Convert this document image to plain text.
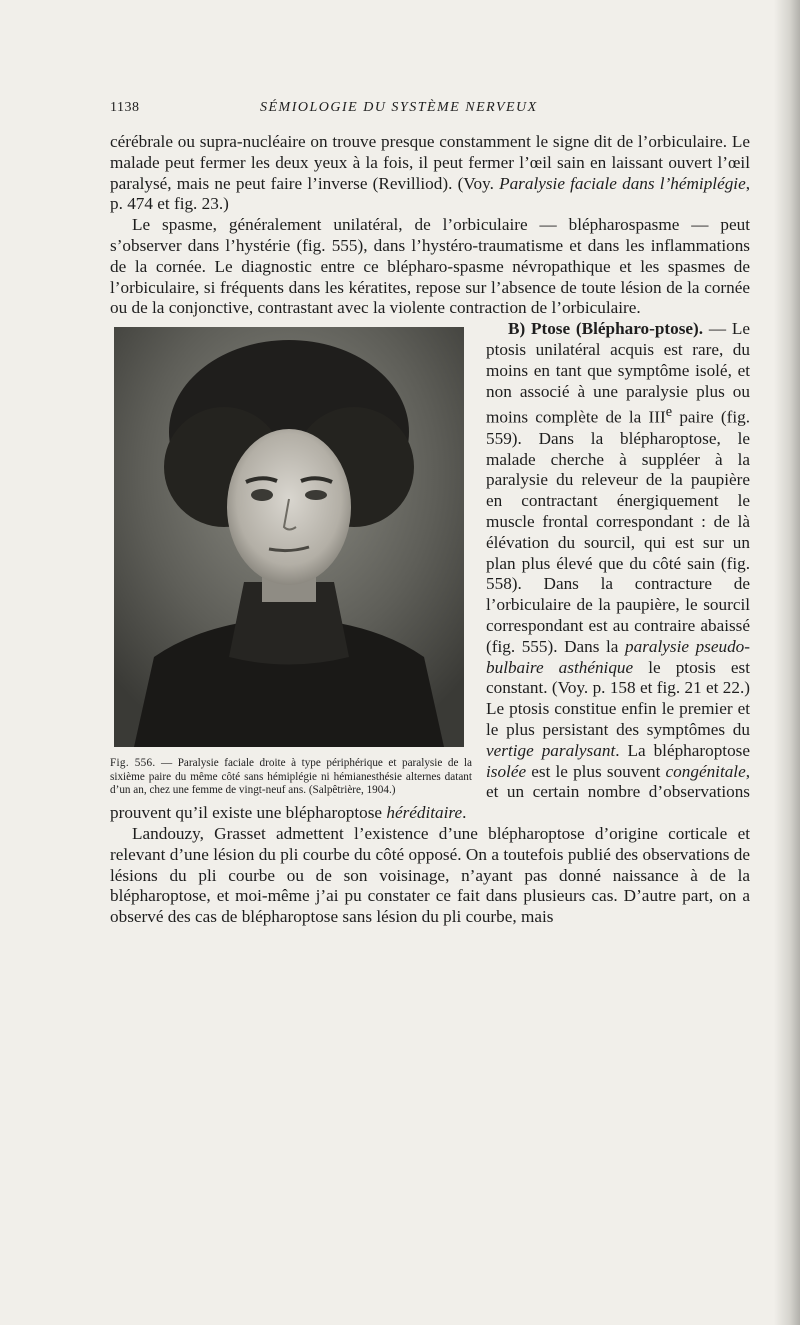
1138	SÉMIOLOGIE DU SYSTÈME NERVEUX

cérébrale ou supra-nucléaire on trouve presque constamment le signe dit de l’orbiculaire. Le malade peut fermer les deux yeux à la fois, il peut fermer l’œil sain en laissant ouvert l’œil paralysé, mais ne peut faire l’inverse (Revilliod). (Voy. Paralysie faciale dans l’hémiplégie, p. 474 et fig. 23.)

Le spasme, généralement unilatéral, de l’orbiculaire — blépharospasme — peut s’observer dans l’hystérie (fig. 555), dans l’hystéro-traumatisme et dans les inflammations de la cornée. Le diagnostic entre ce blépharo-spasme névropathique et les spasmes de l’orbiculaire, si fréquents dans les kératites, repose sur l’absence de toute lésion de la cornée ou de la conjonctive, contrastant avec la violente contraction de l’orbiculaire.

Fig. 556. — Paralysie faciale droite à type périphérique et paralysie de la sixième paire du même côté sans hémiplégie ni hémianesthésie alternes datant d’un an, chez une femme de vingt-neuf ans. (Salpêtrière, 1904.)

B) Ptose (Blépharo-ptose). — Le ptosis unilatéral acquis est rare, du moins en tant que symptôme isolé, et non associé à une paralysie plus ou moins complète de la IIIe paire (fig. 559). Dans la blépharoptose, le malade cherche à suppléer à la paralysie du releveur de la paupière en contractant énergiquement le muscle frontal correspondant : de là élévation du sourcil, qui est sur un plan plus élevé que du côté sain (fig. 558). Dans la contracture de l’orbiculaire de la paupière, le sourcil correspondant est au contraire abaissé (fig. 555). Dans la paralysie pseudo-bulbaire asthénique le ptosis est constant. (Voy. p. 158 et fig. 21 et 22.) Le ptosis constitue enfin le premier et le plus persistant des symptômes du vertige paralysant. La blépharoptose isolée est le plus souvent congénitale, et un certain nombre d’observations prouvent qu’il existe une blépharoptose héréditaire.

Landouzy, Grasset admettent l’existence d’une blépharoptose d’origine corticale et relevant d’une lésion du pli courbe du côté opposé. On a toutefois publié des observations de lésions du pli courbe ou de son voisinage, n’ayant pas donné naissance à de la blépharoptose, et moi-même j’ai pu constater ce fait dans plusieurs cas. D’autre part, on a observé des cas de blépharoptose sans lésion du pli courbe, mais
